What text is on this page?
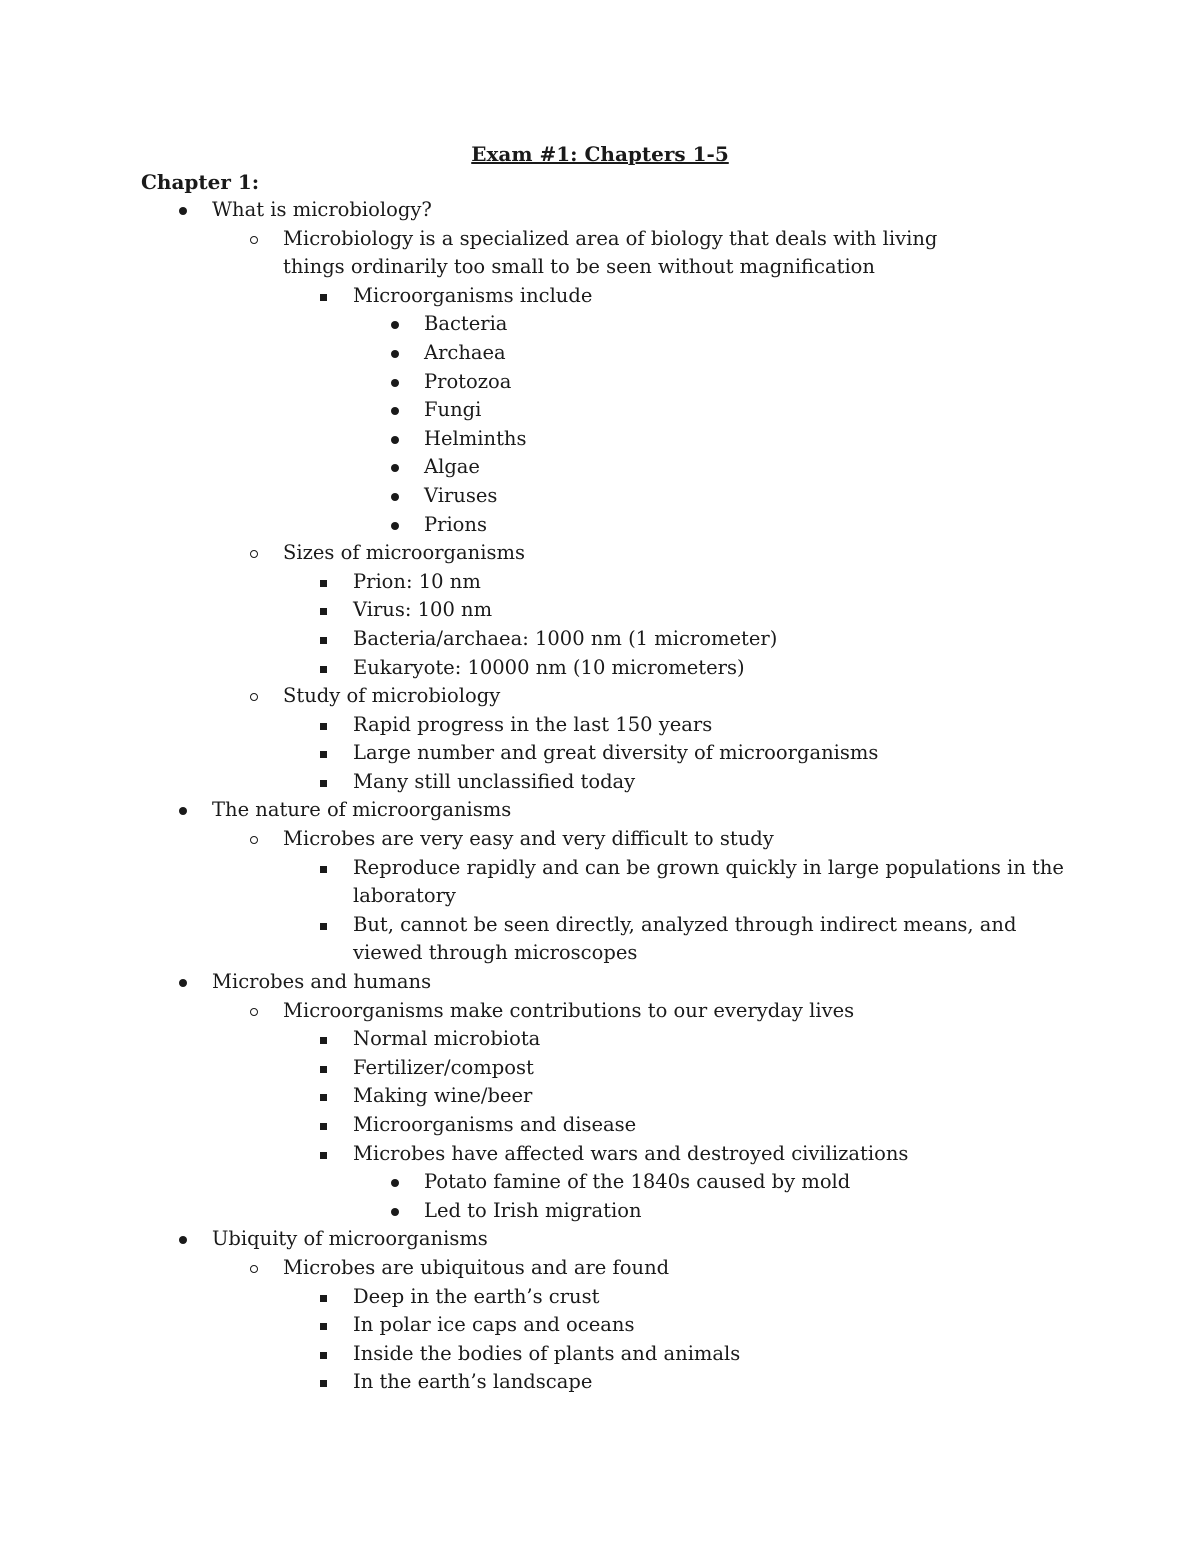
Exam #1: Chapters 1-5
Chapter 1:
What is microbiology?
Microbiology is a specialized area of biology that deals with living things ordinarily too small to be seen without magnification
Microorganisms include
Bacteria
Archaea
Protozoa
Fungi
Helminths
Algae
Viruses
Prions
Sizes of microorganisms
Prion: 10 nm
Virus: 100 nm
Bacteria/archaea: 1000 nm (1 micrometer)
Eukaryote: 10000 nm (10 micrometers)
Study of microbiology
Rapid progress in the last 150 years
Large number and great diversity of microorganisms
Many still unclassified today
The nature of microorganisms
Microbes are very easy and very difficult to study
Reproduce rapidly and can be grown quickly in large populations in the laboratory
But, cannot be seen directly, analyzed through indirect means, and viewed through microscopes
Microbes and humans
Microorganisms make contributions to our everyday lives
Normal microbiota
Fertilizer/compost
Making wine/beer
Microorganisms and disease
Microbes have affected wars and destroyed civilizations
Potato famine of the 1840s caused by mold
Led to Irish migration
Ubiquity of microorganisms
Microbes are ubiquitous and are found
Deep in the earth’s crust
In polar ice caps and oceans
Inside the bodies of plants and animals
In the earth’s landscape
